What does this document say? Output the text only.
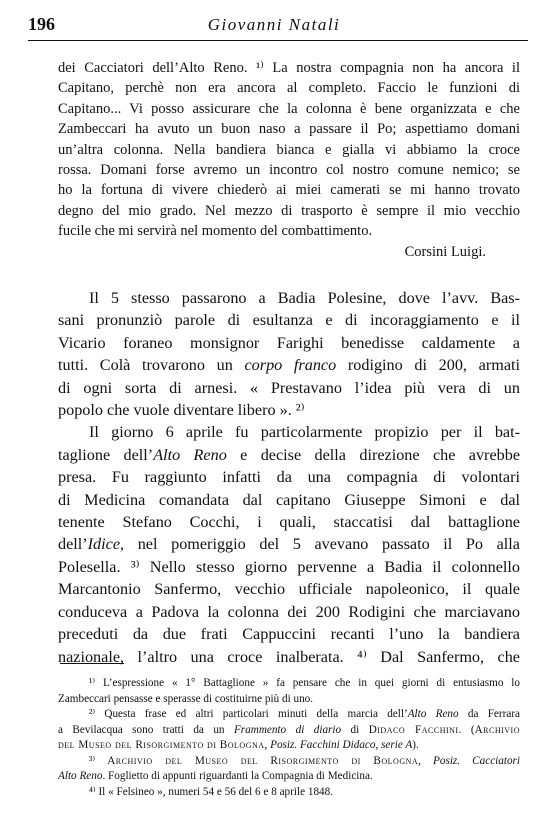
196	Giovanni Natali
dei Cacciatori dell’Alto Reno. ¹⁾ La nostra compagnia non ha ancora il
Capitano, perchè non era ancora al completo. Faccio le funzioni di
Capitano... Vi posso assicurare che la colonna è bene organizzata e che
Zambeccari ha avuto un buon naso a passare il Po; aspettiamo domani
un’altra colonna. Nella bandiera bianca e gialla vi abbiamo la croce
rossa. Domani forse avremo un incontro col nostro comune nemico; se
ho la fortuna di vivere chiederò ai miei camerati se mi hanno trovato
degno del mio grado. Nel mezzo di trasporto è sempre il mio vecchio
fucile che mi servirà nel momento del combattimento.
Corsini Luigi.
Il 5 stesso passarono a Badia Polesine, dove l’avv. Bas-
sani pronunziò parole di esultanza e di incoraggiamento e il
Vicario foraneo monsignor Farighi benedisse caldamente a
tutti. Colà trovarono un corpo franco rodigino di 200, armati
di ogni sorta di arnesi. « Prestavano l’idea più vera di un
popolo che vuole diventare libero ». ²⁾
Il giorno 6 aprile fu particolarmente propizio per il bat-
taglione dell’Alto Reno e decise della direzione che avrebbe
presa. Fu raggiunto infatti da una compagnia di volontari
di Medicina comandata dal capitano Giuseppe Simoni e dal
tenente Stefano Cocchi, i quali, staccatisi dal battaglione
dell’Idice, nel pomeriggio del 5 avevano passato il Po alla
Polesella. ³⁾ Nello stesso giorno pervenne a Badia il colonnello
Marcantonio Sanfermo, vecchio ufficiale napoleonico, il quale
conduceva a Padova la colonna dei 200 Rodigini che marciavano
preceduti da due frati Cappuccini recanti l’uno la bandiera
nazionale, l’altro una croce inalberata. ⁴⁾ Dal Sanfermo, che
¹⁾ L’espressione « 1° Battaglione » fa pensare che in quei giorni di entusiasmo lo
Zambeccari pensasse e sperasse di costituirne più di uno.
²⁾ Questa frase ed altri particolari minuti della marcia dell’Alto Reno da Ferrara
a Bevilacqua sono tratti da un Frammento di diario di Didaco Facchini. (Archivio
del Museo del Risorgimento di Bologna, Posiz. Facchini Didaco, serie A).
³⁾ Archivio del Museo del Risorgimento di Bologna, Posiz. Cacciatori
Alto Reno. Foglietto di appunti riguardanti la Compagnia di Medicina.
⁴⁾ Il « Felsineo », numeri 54 e 56 del 6 e 8 aprile 1848.
